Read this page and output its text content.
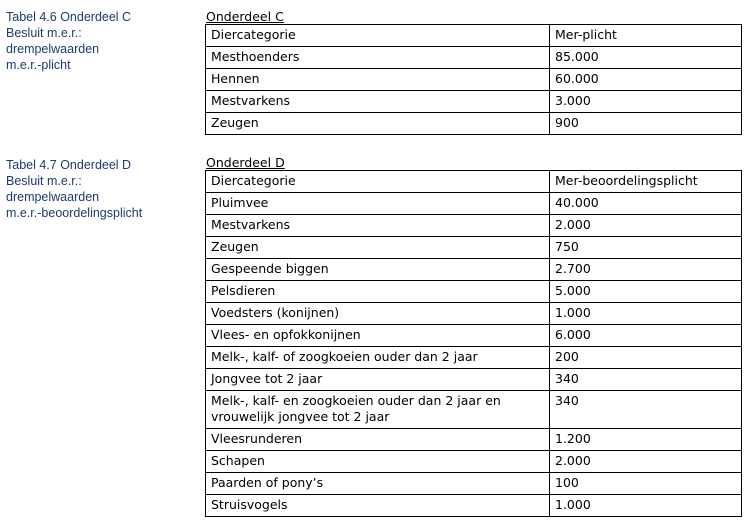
Tabel 4.6 Onderdeel C
Besluit m.e.r.:
drempelwaarden
m.e.r.-plicht
Tabel 4.7 Onderdeel D
Besluit m.e.r.:
drempelwaarden
m.e.r.-beoordelingsplicht
Onderdeel C
Diercategorie	Mer-plicht
Mesthoenders	85.000
Hennen	60.000
Mestvarkens	3.000
Zeugen	900
Onderdeel D
Diercategorie	Mer-beoordelingsplicht
Pluimvee	40.000
Mestvarkens	2.000
Zeugen	750
Gespeende biggen	2.700
Pelsdieren	5.000
Voedsters (konijnen)	1.000
Vlees- en opfokkonijnen	6.000
Melk-, kalf- of zoogkoeien ouder dan 2 jaar	200
Jongvee tot 2 jaar	340
Melk-, kalf- en zoogkoeien ouder dan 2 jaar en vrouwelijk jongvee tot 2 jaar	340
Vleesrunderen	1.200
Schapen	2.000
Paarden of pony’s	100
Struisvogels	1.000
